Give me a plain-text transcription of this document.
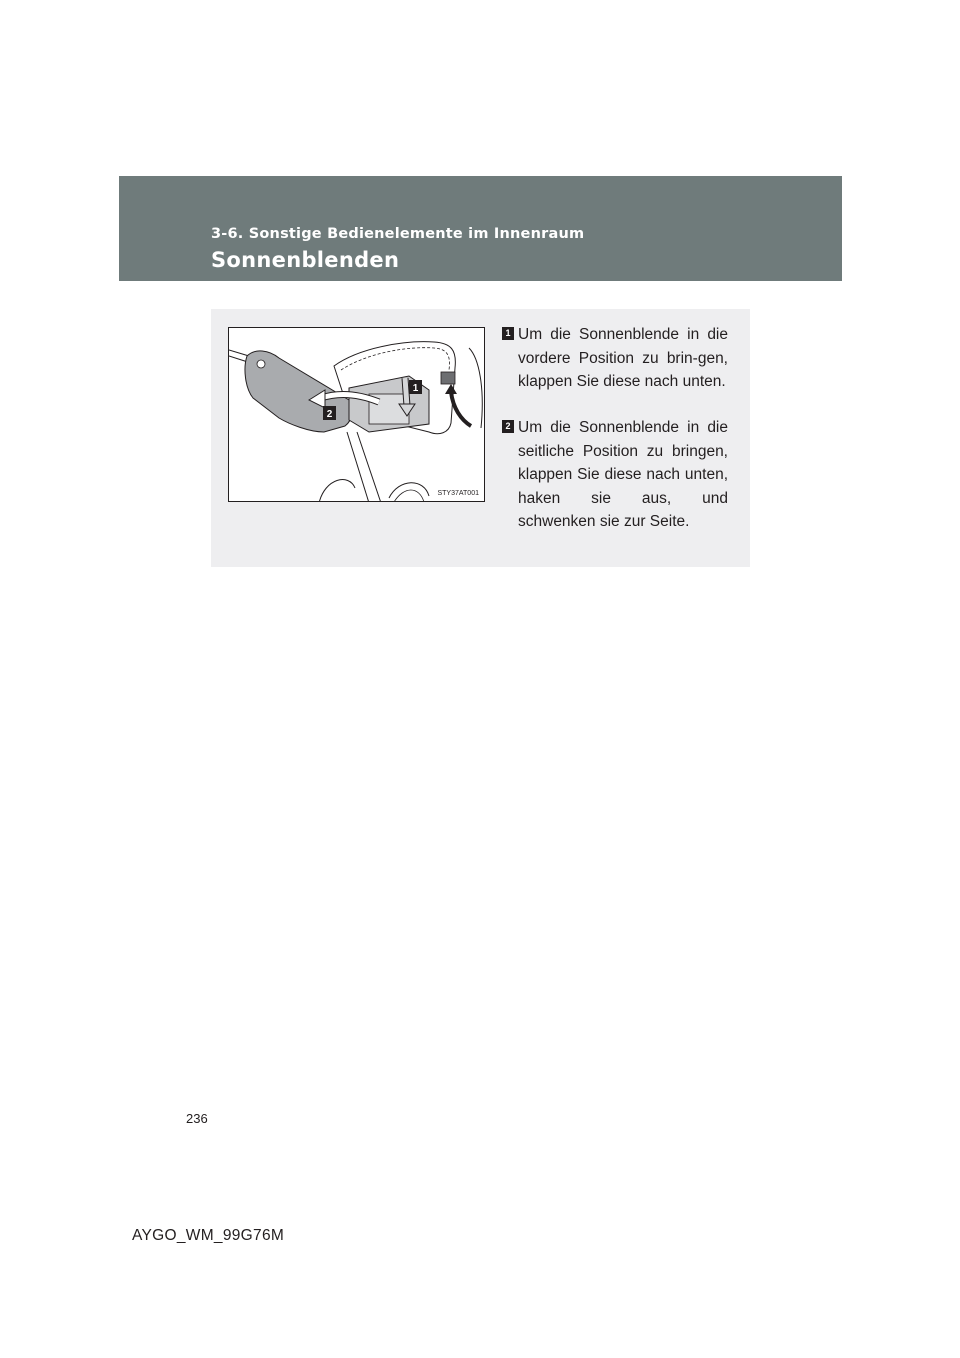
3-6. Sonstige Bedienelemente im Innenraum
Sonnenblenden
1
2
STY37AT001
1 Um die Sonnenblende in die vordere Position zu brin-gen, klappen Sie diese nach unten.
2 Um die Sonnenblende in die seitliche Position zu bringen, klappen Sie diese nach unten, haken sie aus, und schwenken sie zur Seite.
236
AYGO_WM_99G76M
